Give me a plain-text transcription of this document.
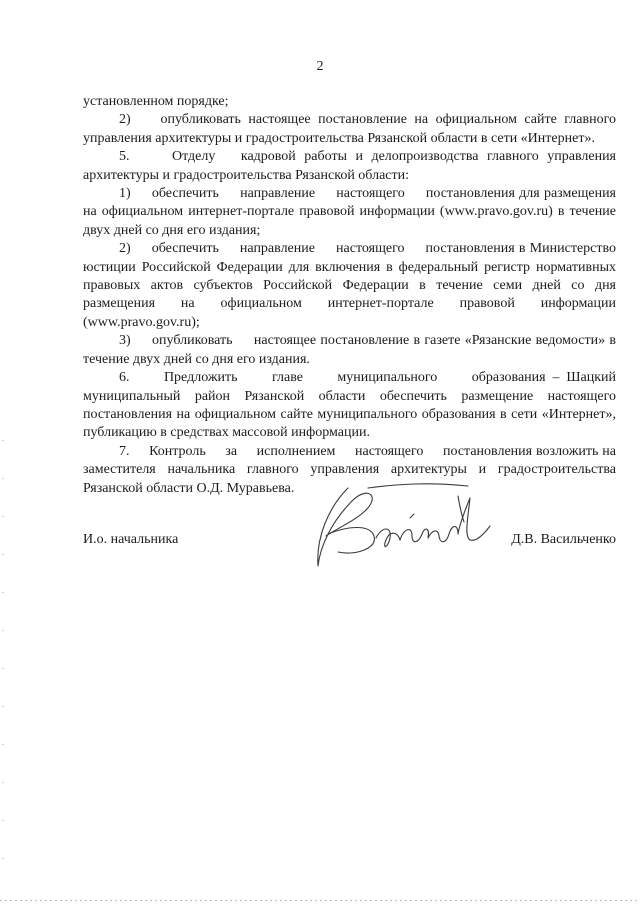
2

установленном порядке;

2)    опубликовать настоящее постановление на официальном сайте главного управления архитектуры и градостроительства Рязанской области в сети «Интернет».

5.     Отделу   кадровой работы и делопроизводства главного управления архитектуры и градостроительства Рязанской области:

1)     обеспечить     направление     настоящего     постановления для размещения на официальном интернет-портале правовой информации (www.pravo.gov.ru) в течение двух дней со дня его издания;

2)     обеспечить     направление     настоящего     постановления в Министерство юстиции Российской Федерации для включения в федеральный регистр нормативных правовых актов субъектов Российской Федерации в течение семи дней со дня размещения на официальном интернет-портале правовой информации (www.pravo.gov.ru);

3)     опубликовать     настоящее постановление в газете «Рязанские ведомости» в течение двух дней со дня его издания.

6.     Предложить     главе     муниципального     образования – Шацкий муниципальный район Рязанской области обеспечить размещение настоящего постановления на официальном сайте муниципального образования в сети «Интернет», публикацию в средствах массовой информации.

7.     Контроль     за     исполнением     настоящего     постановления возложить на заместителя начальника главного управления архитектуры и градостроительства Рязанской области О.Д. Муравьева.

И.о. начальника	Д.В. Васильченко
